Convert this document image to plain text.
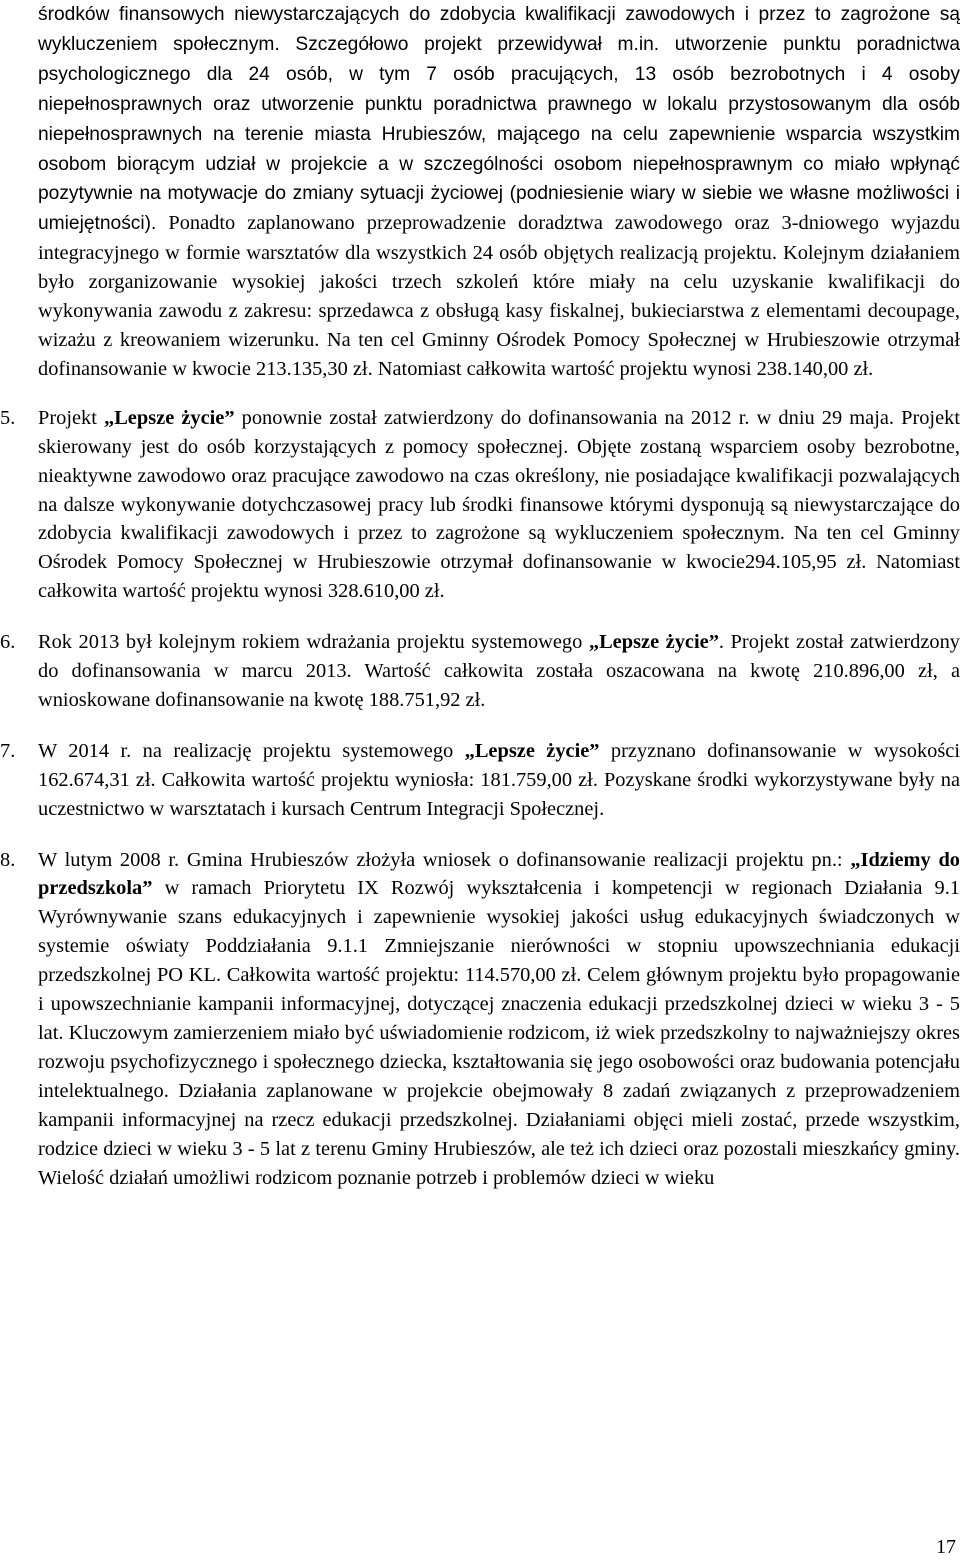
środków finansowych niewystarczających do zdobycia kwalifikacji zawodowych i przez to zagrożone są wykluczeniem społecznym. Szczegółowo projekt przewidywał m.in. utworzenie punktu poradnictwa psychologicznego dla 24 osób, w tym 7 osób pracujących, 13 osób bezrobotnych i 4 osoby niepełnosprawnych oraz utworzenie punktu poradnictwa prawnego w lokalu przystosowanym dla osób niepełnosprawnych na terenie miasta Hrubieszów, mającego na celu zapewnienie wsparcia wszystkim osobom biorącym udział w projekcie a w szczególności osobom niepełnosprawnym co miało wpłynąć pozytywnie na motywacje do zmiany sytuacji życiowej (podniesienie wiary w siebie we własne możliwości i umiejętności). Ponadto zaplanowano przeprowadzenie doradztwa zawodowego oraz 3-dniowego wyjazdu integracyjnego w formie warsztatów dla wszystkich 24 osób objętych realizacją projektu. Kolejnym działaniem było zorganizowanie wysokiej jakości trzech szkoleń które miały na celu uzyskanie kwalifikacji do wykonywania zawodu z zakresu: sprzedawca z obsługą kasy fiskalnej, bukieciarstwa z elementami decoupage, wizażu z kreowaniem wizerunku. Na ten cel Gminny Ośrodek Pomocy Społecznej w Hrubieszowie otrzymał dofinansowanie w kwocie 213.135,30 zł. Natomiast całkowita wartość projektu wynosi 238.140,00 zł.

5.	Projekt „Lepsze życie” ponownie został zatwierdzony do dofinansowania na 2012 r. w dniu 29 maja. Projekt skierowany jest do osób korzystających z pomocy społecznej. Objęte zostaną wsparciem osoby bezrobotne, nieaktywne zawodowo oraz pracujące zawodowo na czas określony, nie posiadające kwalifikacji pozwalających na dalsze wykonywanie dotychczasowej pracy lub środki finansowe którymi dysponują są niewystarczające do zdobycia kwalifikacji zawodowych i przez to zagrożone są wykluczeniem społecznym. Na ten cel Gminny Ośrodek Pomocy Społecznej w Hrubieszowie otrzymał dofinansowanie w kwocie294.105,95 zł. Natomiast całkowita wartość projektu wynosi 328.610,00 zł.
6.	Rok 2013 był kolejnym rokiem wdrażania projektu systemowego „Lepsze życie”. Projekt został zatwierdzony do dofinansowania w marcu 2013. Wartość całkowita została oszacowana na kwotę 210.896,00 zł, a wnioskowane dofinansowanie na kwotę 188.751,92 zł.
7.	W 2014 r. na realizację projektu systemowego „Lepsze życie” przyznano dofinansowanie w wysokości 162.674,31 zł. Całkowita wartość projektu wyniosła: 181.759,00 zł. Pozyskane środki wykorzystywane były na uczestnictwo w warsztatach i kursach Centrum Integracji Społecznej.
8.	W lutym 2008 r. Gmina Hrubieszów złożyła wniosek o dofinansowanie realizacji projektu pn.: „Idziemy do przedszkola” w ramach Priorytetu IX Rozwój wykształcenia i kompetencji w regionach Działania 9.1 Wyrównywanie szans edukacyjnych i zapewnienie wysokiej jakości usług edukacyjnych świadczonych w systemie oświaty Poddziałania 9.1.1 Zmniejszanie nierówności w stopniu upowszechniania edukacji przedszkolnej PO KL. Całkowita wartość projektu: 114.570,00 zł. Celem głównym projektu było propagowanie i upowszechnianie kampanii informacyjnej, dotyczącej znaczenia edukacji przedszkolnej dzieci w wieku 3 - 5 lat. Kluczowym zamierzeniem miało być uświadomienie rodzicom, iż wiek przedszkolny to najważniejszy okres rozwoju psychofizycznego i społecznego dziecka, kształtowania się jego osobowości oraz budowania potencjału intelektualnego. Działania zaplanowane w projekcie obejmowały 8 zadań związanych z przeprowadzeniem kampanii informacyjnej na rzecz edukacji przedszkolnej. Działaniami objęci mieli zostać, przede wszystkim, rodzice dzieci w wieku 3 - 5 lat z terenu Gminy Hrubieszów, ale też ich dzieci oraz pozostali mieszkańcy gminy. Wielość działań umożliwi rodzicom poznanie potrzeb i problemów dzieci w wieku
17
